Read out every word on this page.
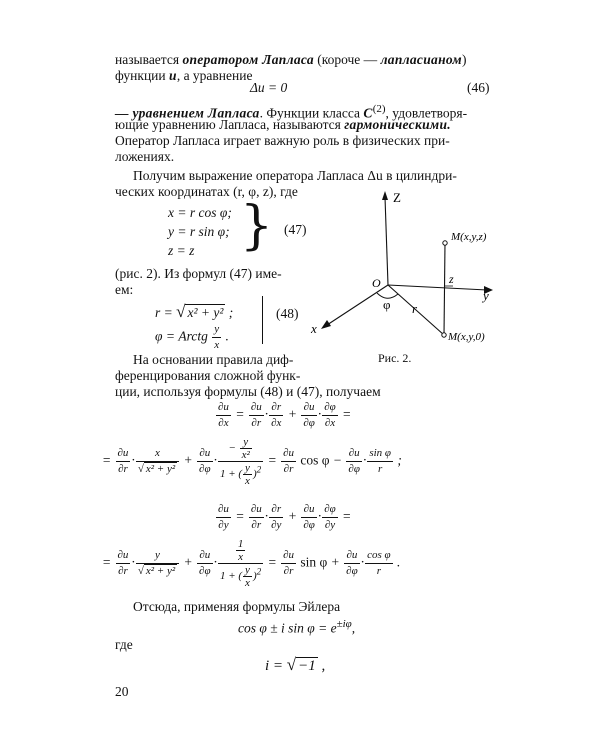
называется оператором Лапласа (короче — лапласианом)
функции u, а уравнение
Δu = 0	(46)
— уравнением Лапласа. Функции класса $C^{(2)}$, удовлетворя-
ющие уравнению Лапласа, называются гармоническими.
Оператор Лапласа играет важную роль в физических при-
ложениях.
Получим выражение оператора Лапласа Δu в цилиндри-
ческих координатах (r, φ, z), где
x = r cos φ;
y = r sin φ;
z = z } (47)
(рис. 2). Из формул (47) име-
ем:
r = √ x² + y² ;
φ = Arctg $\frac{y}{x}$ .
(48)
На основании правила диф-
ференцирования сложной функ-
ции, используя формулы (48) и (47), получаем
Z
O
φ
z
y
x
r
M(x,y,z)
M(x,y,0)
Рис. 2.
$\frac{\partial u}{\partial x} = \frac{\partial u}{\partial r} \cdot \frac{\partial r}{\partial x} + \frac{\partial u}{\partial\varphi} \cdot \frac{\partial\varphi}{\partial x}$ =
= $\frac{\partial u}{\partial r} \cdot \frac{x}{\text{√ x² + y²}} + \frac{\partial u}{\partial\varphi} \cdot \frac{- \frac{y}{\text{x²}}}{1 + ( \frac{y}{x} )^2} = \frac{\partial u}{\partial r}$ $\cos \varphi - \frac{\partial u}{\partial\varphi} \cdot \frac{\text{sin φ}}{r}$ ;
$\frac{\partial u}{\partial y} = \frac{\partial u}{\partial r} \cdot \frac{\partial r}{\partial y} + \frac{\partial u}{\partial\varphi} \cdot \frac{\partial\varphi}{\partial y}$ =
= $\frac{\partial u}{\partial r} \cdot \frac{y}{\text{√ x² + y²}} + \frac{\partial u}{\partial\varphi} \cdot \frac{\frac{1}{x}}{1 + ( \frac{y}{x} )^2} = \frac{\partial u}{\partial r}$ $\sin \varphi + \frac{\partial u}{\partial\varphi} \cdot \frac{\text{cos φ}}{r}$ .
Отсюда, применяя формулы Эйлера
cos φ ± i $\sin \varphi = e^{\pm i\varphi}$,
где
i = √ −1 ,
20
